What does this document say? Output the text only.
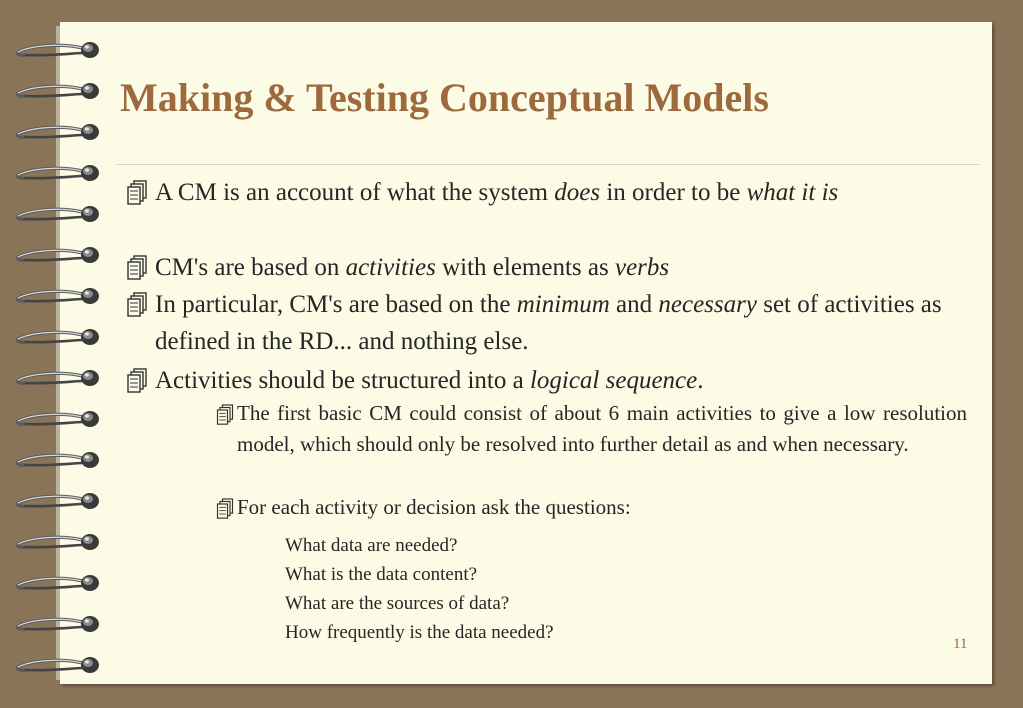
Making & Testing Conceptual Models
A CM is an account of what the system does in order to be what it is
CM's are based on activities with elements as verbs
In particular, CM's are based on the minimum and necessary set of activities as defined in the RD... and nothing else.
Activities should be structured into a logical sequence.
The first basic CM could consist of about 6 main activities to give a low resolution model, which should only be resolved into further detail as and when necessary.
For each activity or decision ask the questions:
What data are needed?
What is the data content?
What are the sources of data?
How frequently is the data needed?
11
